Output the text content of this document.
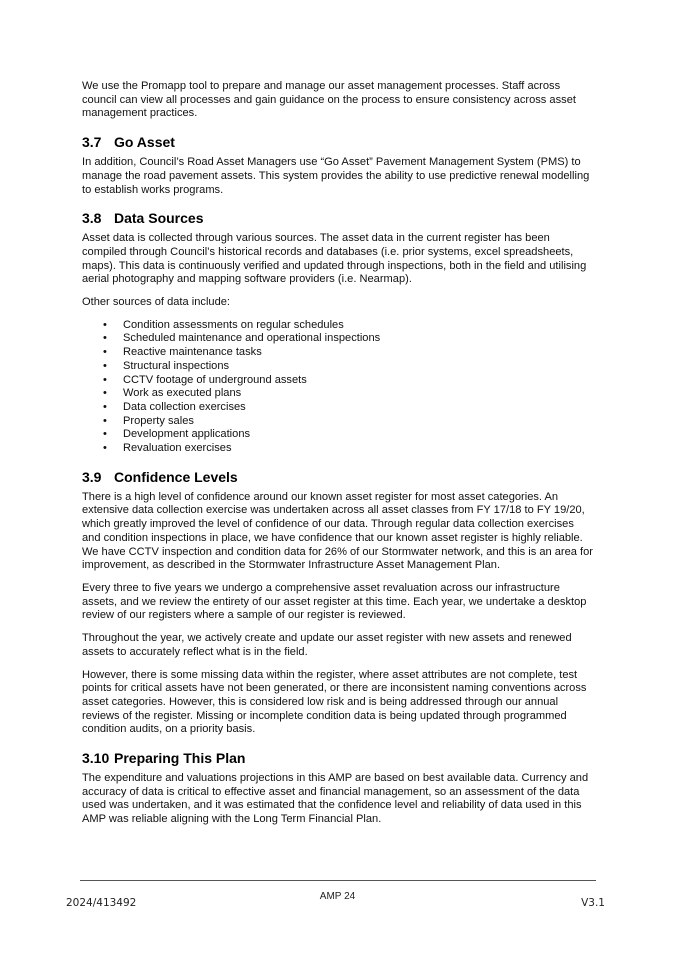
We use the Promapp tool to prepare and manage our asset management processes. Staff across council can view all processes and gain guidance on the process to ensure consistency across asset management practices.

3.7 Go Asset

In addition, Council’s Road Asset Managers use “Go Asset” Pavement Management System (PMS) to manage the road pavement assets. This system provides the ability to use predictive renewal modelling to establish works programs.

3.8 Data Sources

Asset data is collected through various sources. The asset data in the current register has been compiled through Council’s historical records and databases (i.e. prior systems, excel spreadsheets, maps). This data is continuously verified and updated through inspections, both in the field and utilising aerial photography and mapping software providers (i.e. Nearmap).

Other sources of data include:

• Condition assessments on regular schedules
• Scheduled maintenance and operational inspections
• Reactive maintenance tasks
• Structural inspections
• CCTV footage of underground assets
• Work as executed plans
• Data collection exercises
• Property sales
• Development applications
• Revaluation exercises
3.9 Confidence Levels

There is a high level of confidence around our known asset register for most asset categories. An extensive data collection exercise was undertaken across all asset classes from FY 17/18 to FY 19/20, which greatly improved the level of confidence of our data. Through regular data collection exercises and condition inspections in place, we have confidence that our known asset register is highly reliable. We have CCTV inspection and condition data for 26% of our Stormwater network, and this is an area for improvement, as described in the Stormwater Infrastructure Asset Management Plan.

Every three to five years we undergo a comprehensive asset revaluation across our infrastructure assets, and we review the entirety of our asset register at this time. Each year, we undertake a desktop review of our registers where a sample of our register is reviewed.

Throughout the year, we actively create and update our asset register with new assets and renewed assets to accurately reflect what is in the field.

However, there is some missing data within the register, where asset attributes are not complete, test points for critical assets have not been generated, or there are inconsistent naming conventions across asset categories. However, this is considered low risk and is being addressed through our annual reviews of the register. Missing or incomplete condition data is being updated through programmed condition audits, on a priority basis.

3.10 Preparing This Plan

The expenditure and valuations projections in this AMP are based on best available data. Currency and accuracy of data is critical to effective asset and financial management, so an assessment of the data used was undertaken, and it was estimated that the confidence level and reliability of data used in this AMP was reliable aligning with the Long Term Financial Plan.

2024/413492
AMP 24
V3.1
